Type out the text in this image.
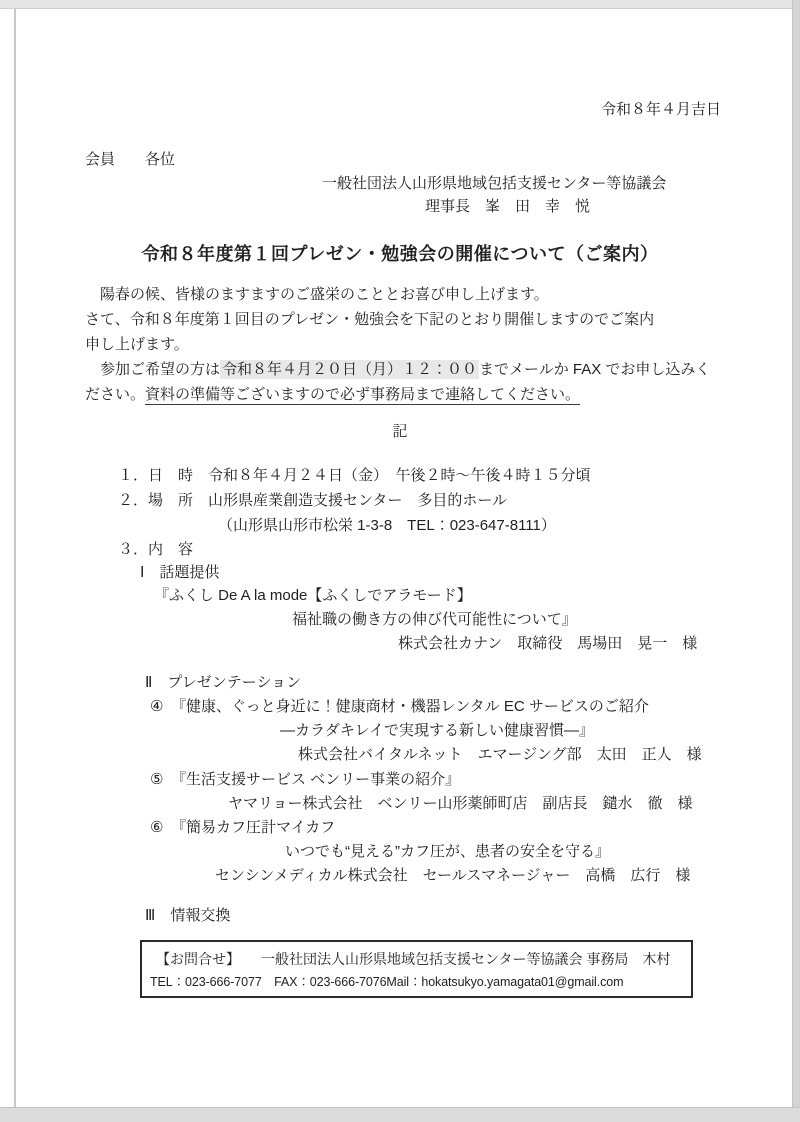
令和８年４月吉日
会員　　各位
一般社団法人山形県地域包括支援センター等協議会
理事長　峯　田　幸　悦
令和８年度第１回プレゼン・勉強会の開催について（ご案内）
　陽春の候、皆様のますますのご盛栄のこととお喜び申し上げます。
さて、令和８年度第１回目のプレゼン・勉強会を下記のとおり開催しますのでご案内
申し上げます。
　参加ご希望の方は 令和８年４月２０日（月）１２：００ までメールか FAX でお申し込みく
ださい。資料の準備等ございますので必ず事務局まで連絡してください。
記
１．日　時　令和８年４月２４日（金）　午後２時～午後４時１５分頃
２．場　所　山形県産業創造支援センター　多目的ホール
（山形県山形市松栄 1-3-8　TEL：023-647-8111）
３．内　容
Ⅰ　話題提供
『ふくし De A la mode【ふくしでアラモード】
福祉職の働き方の伸び代可能性について』
株式会社カナン　取締役　馬場田　晃一　様
Ⅱ　プレゼンテーション
④　『健康、ぐっと身近に！健康商材・機器レンタル EC サービスのご紹介
―カラダキレイで実現する新しい健康習慣―』
株式会社バイタルネット　エマージング部　太田　正人　様
⑤　『生活支援サービス ベンリー事業の紹介』
ヤマリョー株式会社　ベンリー山形薬師町店　副店長　鑓水　徹　様
⑥　『簡易カフ圧計マイカフ
いつでも“見える”カフ圧が、患者の安全を守る』
センシンメディカル株式会社　セールスマネージャー　高橋　広行　様
Ⅲ　情報交換
【お問合せ】　　一般社団法人山形県地域包括支援センター等協議会 事務局　木村
TEL：023-666-7077　FAX：023-666-7076Mail：hokatsukyo.yamagata01@gmail.com
